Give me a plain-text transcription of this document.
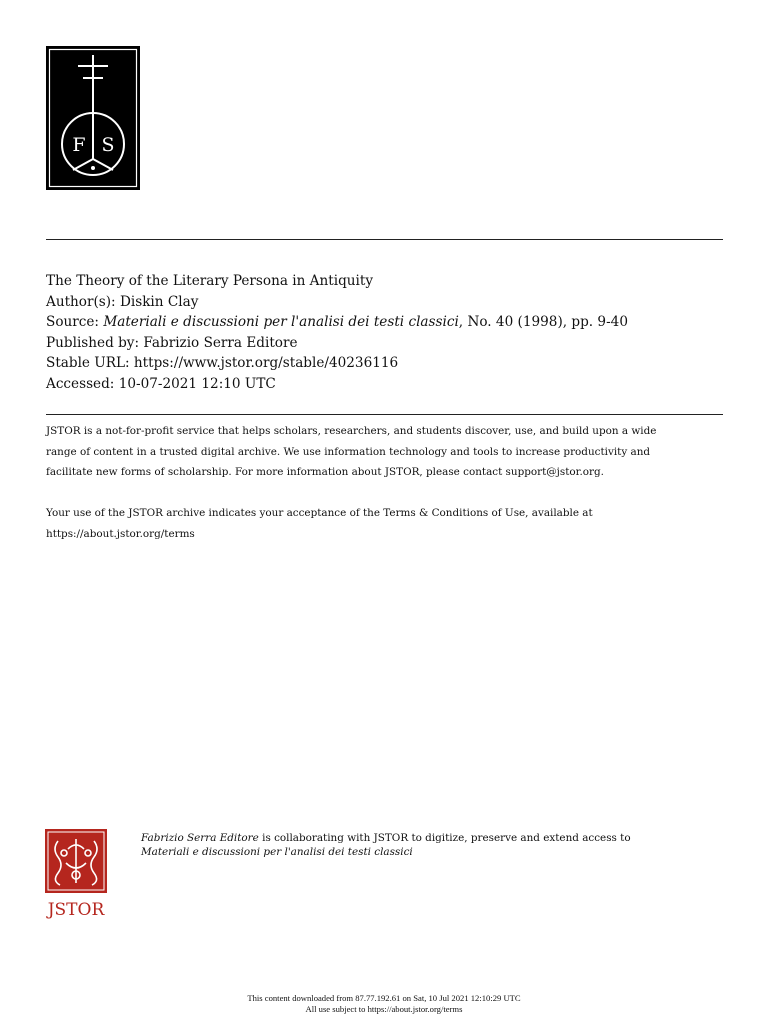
F S
The Theory of the Literary Persona in Antiquity
Author(s): Diskin Clay
Source: Materiali e discussioni per l'analisi dei testi classici, No. 40 (1998), pp. 9-40
Published by: Fabrizio Serra Editore
Stable URL: https://www.jstor.org/stable/40236116
Accessed: 10-07-2021 12:10 UTC
JSTOR is a not-for-profit service that helps scholars, researchers, and students discover, use, and build upon a wide
range of content in a trusted digital archive. We use information technology and tools to increase productivity and
facilitate new forms of scholarship. For more information about JSTOR, please contact support@jstor.org.
Your use of the JSTOR archive indicates your acceptance of the Terms & Conditions of Use, available at
https://about.jstor.org/terms
JSTOR
Fabrizio Serra Editore is collaborating with JSTOR to digitize, preserve and extend access to
Materiali e discussioni per l'analisi dei testi classici
This content downloaded from 87.77.192.61 on Sat, 10 Jul 2021 12:10:29 UTC
All use subject to https://about.jstor.org/terms
